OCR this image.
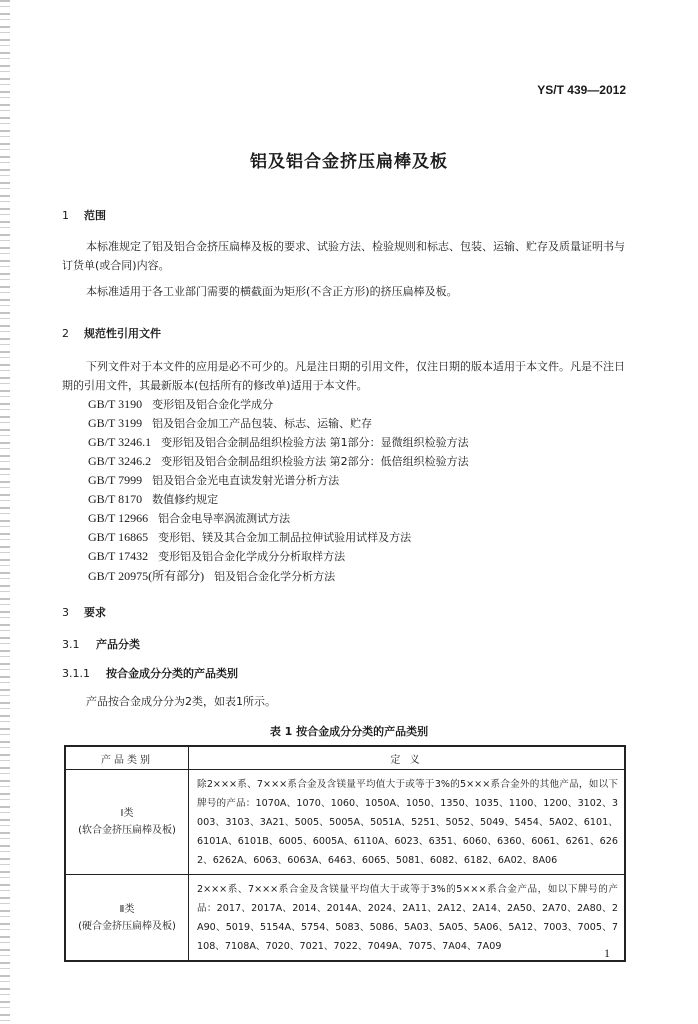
YS/T 439—2012
铝及铝合金挤压扁棒及板
1 范围
本标准规定了铝及铝合金挤压扁棒及板的要求、试验方法、检验规则和标志、包装、运输、贮存及质量证明书与订货单(或合同)内容。
本标准适用于各工业部门需要的横截面为矩形(不含正方形)的挤压扁棒及板。
2 规范性引用文件
下列文件对于本文件的应用是必不可少的。凡是注日期的引用文件，仅注日期的版本适用于本文件。凡是不注日期的引用文件，其最新版本(包括所有的修改单)适用于本文件。
GB/T 3190 变形铝及铝合金化学成分
GB/T 3199 铝及铝合金加工产品包装、标志、运输、贮存
GB/T 3246.1 变形铝及铝合金制品组织检验方法 第1部分：显微组织检验方法
GB/T 3246.2 变形铝及铝合金制品组织检验方法 第2部分：低倍组织检验方法
GB/T 7999 铝及铝合金光电直读发射光谱分析方法
GB/T 8170 数值修约规定
GB/T 12966 铝合金电导率涡流测试方法
GB/T 16865 变形铝、镁及其合金加工制品拉伸试验用试样及方法
GB/T 17432 变形铝及铝合金化学成分分析取样方法
GB/T 20975(所有部分) 铝及铝合金化学分析方法
3 要求
3.1 产品分类
3.1.1 按合金成分分类的产品类别
产品按合金成分分为2类，如表1所示。
表 1 按合金成分分类的产品类别
产品类别	定 义

Ⅰ类
(软合金挤压扁棒及板)	除2×××系、7×××系合金及含镁量平均值大于或等于3%的5×××系合金外的其他产品，如以下牌号的产品：1070A、1070、1060、1050A、1050、1350、1035、1100、1200、3102、3003、3103、3A21、5005、5005A、5051A、5251、5052、5049、5454、5A02、6101、6101A、6101B、6005、6005A、6110A、6023、6351、6060、6360、6061、6261、6262、6262A、6063、6063A、6463、6065、5081、6082、6182、6A02、8A06

Ⅱ类
(硬合金挤压扁棒及板)	2×××系、7×××系合金及含镁量平均值大于或等于3%的5×××系合金产品，如以下牌号的产品：2017、2017A、2014、2014A、2024、2A11、2A12、2A14、2A50、2A70、2A80、2A90、5019、5154A、5754、5083、5086、5A03、5A05、5A06、5A12、7003、7005、7108、7108A、7020、7021、7022、7049A、7075、7A04、7A09	1
